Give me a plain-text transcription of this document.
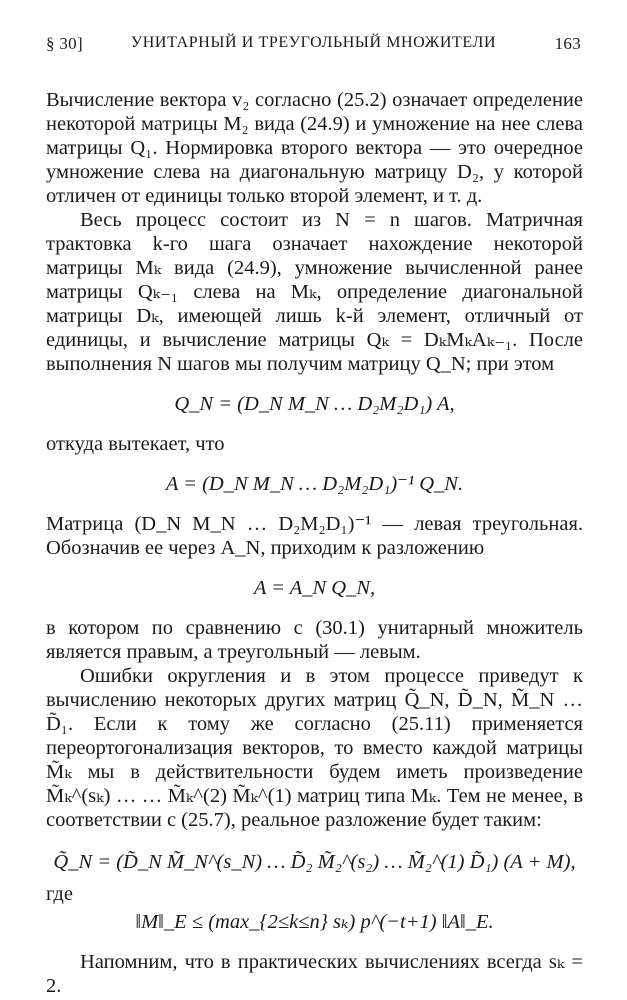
§ 30]	УНИТАРНЫЙ И ТРЕУГОЛЬНЫЙ МНОЖИТЕЛИ	163

Вычисление вектора v₂ согласно (25.2) означает определение некоторой матрицы M₂ вида (24.9) и умножение на нее слева матрицы Q₁. Нормировка второго вектора — это очередное умножение слева на диагональную матрицу D₂, у которой отличен от единицы только второй элемент, и т. д.

Весь процесс состоит из N = n шагов. Матричная трактовка k-го шага означает нахождение некоторой матрицы Mₖ вида (24.9), умножение вычисленной ранее матрицы Qₖ₋₁ слева на Mₖ, определение диагональной матрицы Dₖ, имеющей лишь k-й элемент, отличный от единицы, и вычисление матрицы Qₖ = DₖMₖAₖ₋₁. После выполнения N шагов мы получим матрицу Q_N; при этом

Q_N = (D_N M_N … D₂M₂D₁) A,

откуда вытекает, что

A = (D_N M_N … D₂M₂D₁)⁻¹ Q_N.

Матрица (D_N M_N … D₂M₂D₁)⁻¹ — левая треугольная. Обозначив ее через A_N, приходим к разложению

A = A_N Q_N,

в котором по сравнению с (30.1) унитарный множитель является правым, а треугольный — левым.

Ошибки округления и в этом процессе приведут к вычислению некоторых других матриц Q̃_N, D̃_N, M̃_N … D̃₁. Если к тому же согласно (25.11) применяется переортогонализация векторов, то вместо каждой матрицы M̃ₖ мы в действительности будем иметь произведение M̃ₖ^(sₖ) … … M̃ₖ^(2) M̃ₖ^(1) матриц типа Mₖ. Тем не менее, в соответствии с (25.7), реальное разложение будет таким:

Q̃_N = (D̃_N M̃_N^(s_N) … D̃₂ M̃₂^(s₂) … M̃₂^(1) D̃₁) (A + M),

где

‖M‖_E ≤ (max_{2≤k≤n} sₖ) p^(−t+1) ‖A‖_E.

Напомним, что в практических вычислениях всегда sₖ = 2.
